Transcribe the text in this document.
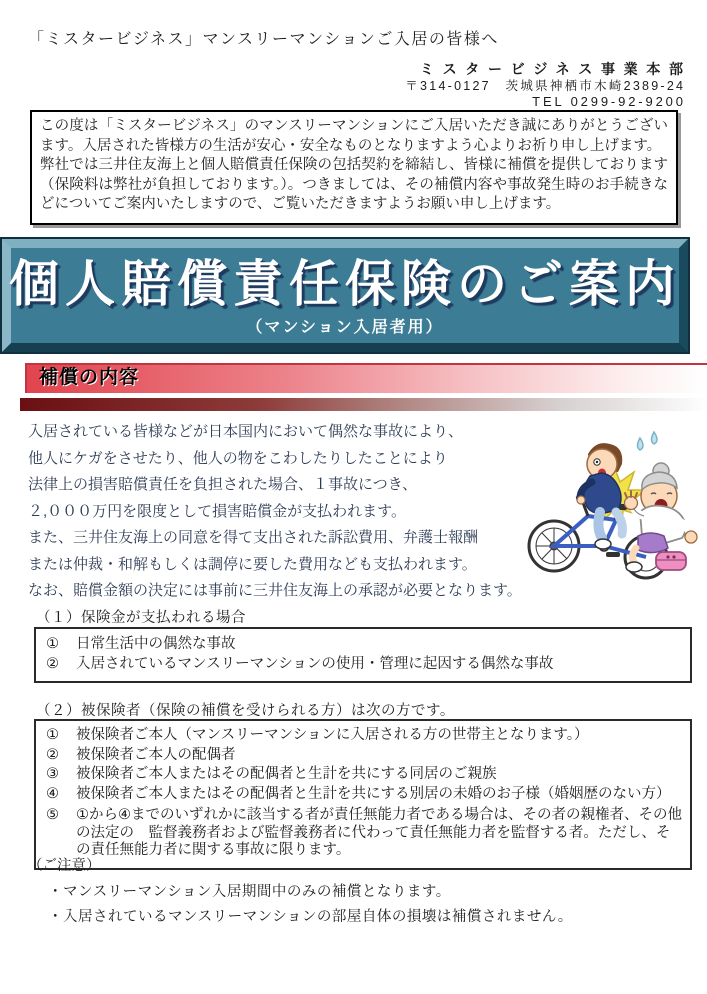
「ミスタービジネス」マンスリーマンションご入居の皆様へ
ミスタービジネス事業本部
〒314-0127　茨城県神栖市木崎2389-24
TEL 0299-92-9200

この度は「ミスタービジネス」のマンスリーマンションにご入居いただき誠にありがとうございます。入居された皆様方の生活が安心・安全なものとなりますよう心よりお祈り申し上げます。

弊社では三井住友海上と個人賠償責任保険の包括契約を締結し、皆様に補償を提供しております（保険料は弊社が負担しております。）。つきましては、その補償内容や事故発生時のお手続きなどについてご案内いたしますので、ご覧いただきますようお願い申し上げます。

個人賠償責任保険のご案内
（マンション入居者用）
補償の内容
入居されている皆様などが日本国内において偶然な事故により、
他人にケガをさせたり、他人の物をこわしたりしたことにより
法律上の損害賠償責任を負担された場合、１事故につき、
２,０００万円を限度として損害賠償金が支払われます。
また、三井住友海上の同意を得て支出された訴訟費用、弁護士報酬
または仲裁・和解もしくは調停に要した費用なども支払われます。
なお、賠償金額の決定には事前に三井住友海上の承認が必要となります。
（１）保険金が支払われる場合
①	日常生活中の偶然な事故
②	入居されているマンスリーマンションの使用・管理に起因する偶然な事故
（２）被保険者（保険の補償を受けられる方）は次の方です。
①	被保険者ご本人（マンスリーマンションに入居される方の世帯主となります。）
②	被保険者ご本人の配偶者
③	被保険者ご本人またはその配偶者と生計を共にする同居のご親族
④	被保険者ご本人またはその配偶者と生計を共にする別居の未婚のお子様（婚姻歴のない方）
⑤	①から④までのいずれかに該当する者が責任無能力者である場合は、その者の親権者、その他の法定の　監督義務者および監督義務者に代わって責任無能力者を監督する者。ただし、その責任無能力者に関する事故に限ります。
（ご注意）
・マンスリーマンション入居期間中のみの補償となります。
・入居されているマンスリーマンションの部屋自体の損壊は補償されません。
